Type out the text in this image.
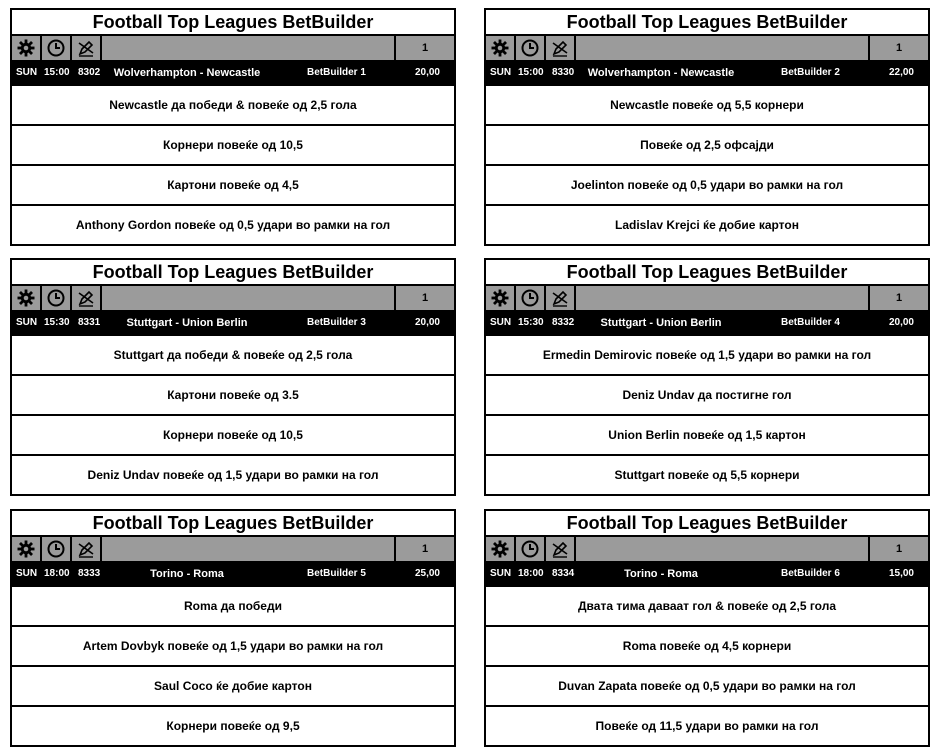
Football Top Leagues BetBuilder
1
SUN 15:00 8302	Wolverhampton - Newcastle	BetBuilder 1	20,00
Newcastle да победи & повеќе од 2,5 гола
Корнери повеќе од 10,5
Картони повеќе од 4,5
Anthony Gordon повеќе од 0,5 удари во рамки на гол
Football Top Leagues BetBuilder
1
SUN 15:00 8330	Wolverhampton - Newcastle	BetBuilder 2	22,00
Newcastle повеќе од 5,5 корнери
Повеќе од 2,5 офсајди
Joelinton повеќе од 0,5 удари во рамки на гол
Ladislav Krejci ќе добие картон
Football Top Leagues BetBuilder
1
SUN 15:30 8331	Stuttgart - Union Berlin	BetBuilder 3	20,00
Stuttgart да победи & повеќе од 2,5 гола
Картони повеќе од 3.5
Корнери повеќе од 10,5
Deniz Undav повеќе од 1,5 удари во рамки на гол
Football Top Leagues BetBuilder
1
SUN 15:30 8332	Stuttgart - Union Berlin	BetBuilder 4	20,00
Ermedin Demirovic повеќе од 1,5 удари во рамки на гол
Deniz Undav да постигне гол
Union Berlin повеќе од 1,5 картон
Stuttgart повеќе од 5,5 корнери
Football Top Leagues BetBuilder
1
SUN 18:00 8333	Torino - Roma	BetBuilder 5	25,00
Roma да победи
Artem Dovbyk повеќе од 1,5 удари во рамки на гол
Saul Coco ќе добие картон
Корнери повеќе од 9,5
Football Top Leagues BetBuilder
1
SUN 18:00 8334	Torino - Roma	BetBuilder 6	15,00
Двата тима даваат гол & повеќе од 2,5 гола
Roma повеќе од 4,5 корнери
Duvan Zapata повеќе од 0,5 удари во рамки на гол
Повеќе од 11,5 удари во рамки на гол
